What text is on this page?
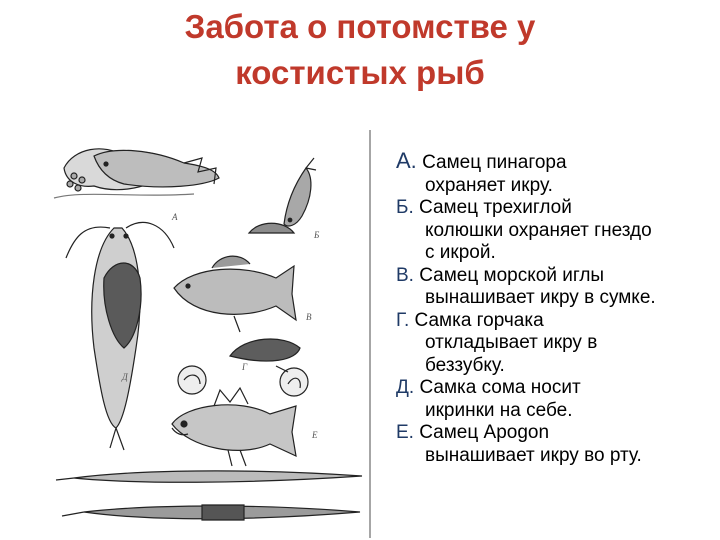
Забота о потомстве у
костистых рыб
А
Б
В
Г
Д
Е

А. Самец пинагора
охраняет икру.

Б. Самец трехиглой
колюшки охраняет гнездо
с икрой.

В. Самец морской иглы
вынашивает икру в сумке.

Г. Самка горчака
откладывает икру в
беззубку.

Д. Самка сома носит
икринки на себе.

Е. Самец Apogon
вынашивает икру во рту.
